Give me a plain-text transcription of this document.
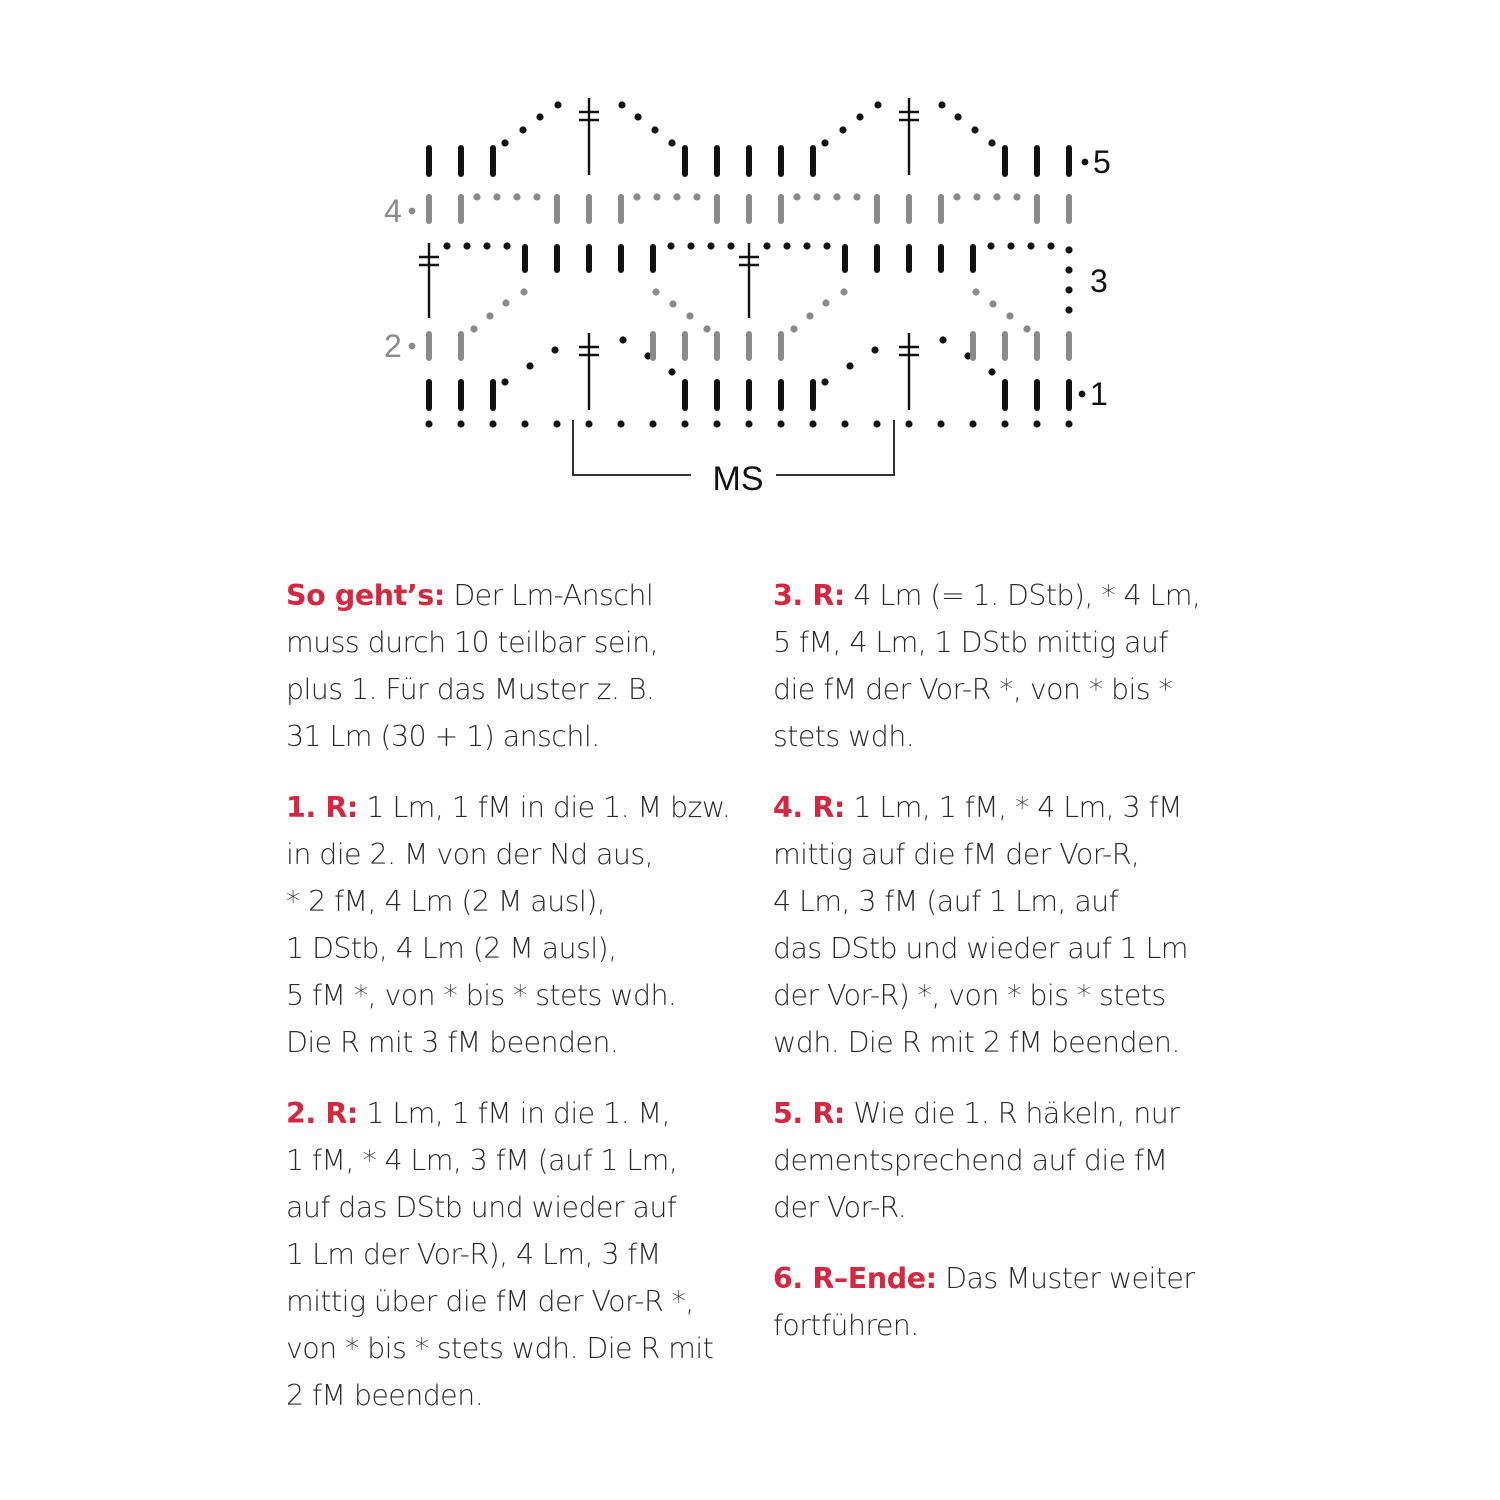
1
2
3
4
5
MS
So geht’s: Der Lm-Anschl
muss durch 10 teilbar sein,
plus 1. Für das Muster z. B.
31 Lm (30 + 1) anschl.
1. R: 1 Lm, 1 fM in die 1. M bzw.
in die 2. M von der Nd aus,
* 2 fM, 4 Lm (2 M ausl),
1 DStb, 4 Lm (2 M ausl),
5 fM *, von * bis * stets wdh.
Die R mit 3 fM beenden.
2. R: 1 Lm, 1 fM in die 1. M,
1 fM, * 4 Lm, 3 fM (auf 1 Lm,
auf das DStb und wieder auf
1 Lm der Vor-R), 4 Lm, 3 fM
mittig über die fM der Vor-R *,
von * bis * stets wdh. Die R mit
2 fM beenden.
3. R: 4 Lm (= 1. DStb), * 4 Lm,
5 fM, 4 Lm, 1 DStb mittig auf
die fM der Vor-R *, von * bis *
stets wdh.
4. R: 1 Lm, 1 fM, * 4 Lm, 3 fM
mittig auf die fM der Vor-R,
4 Lm, 3 fM (auf 1 Lm, auf
das DStb und wieder auf 1 Lm
der Vor-R) *, von * bis * stets
wdh. Die R mit 2 fM beenden.
5. R: Wie die 1. R häkeln, nur
dementsprechend auf die fM
der Vor-R.
6. R–Ende: Das Muster weiter
fortführen.
